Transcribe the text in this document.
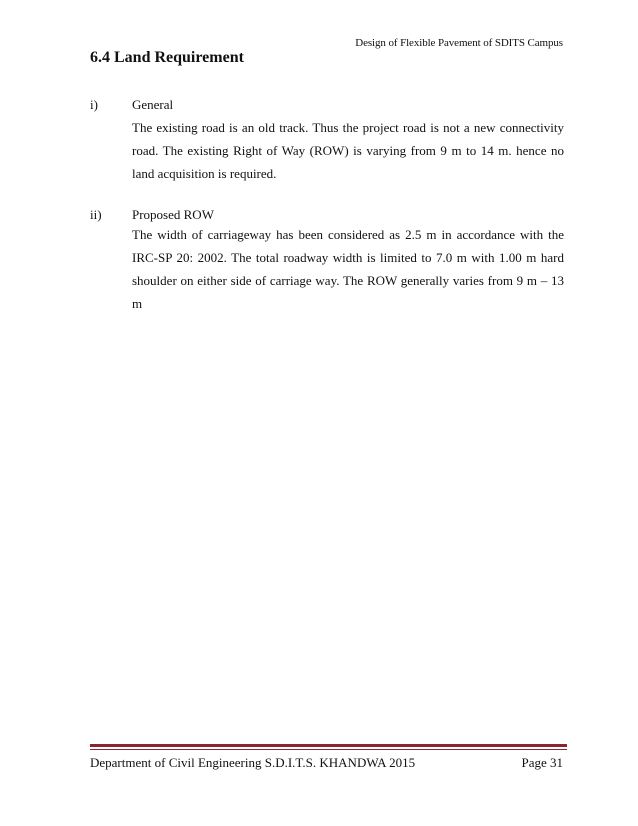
Design of Flexible Pavement of SDITS Campus
6.4 Land Requirement
i)	General

The existing road is an old track. Thus the project road is not a new connectivity road. The existing Right of Way (ROW) is varying from 9 m to 14 m. hence no land acquisition is required.

ii) Proposed ROW

The width of carriageway has been considered as 2.5 m in accordance with the IRC-SP 20: 2002. The total roadway width is limited to 7.0 m with 1.00 m hard shoulder on either side of carriage way. The ROW generally varies from 9 m – 13 m

Department of Civil Engineering S.D.I.T.S. KHANDWA 2015	Page 31
